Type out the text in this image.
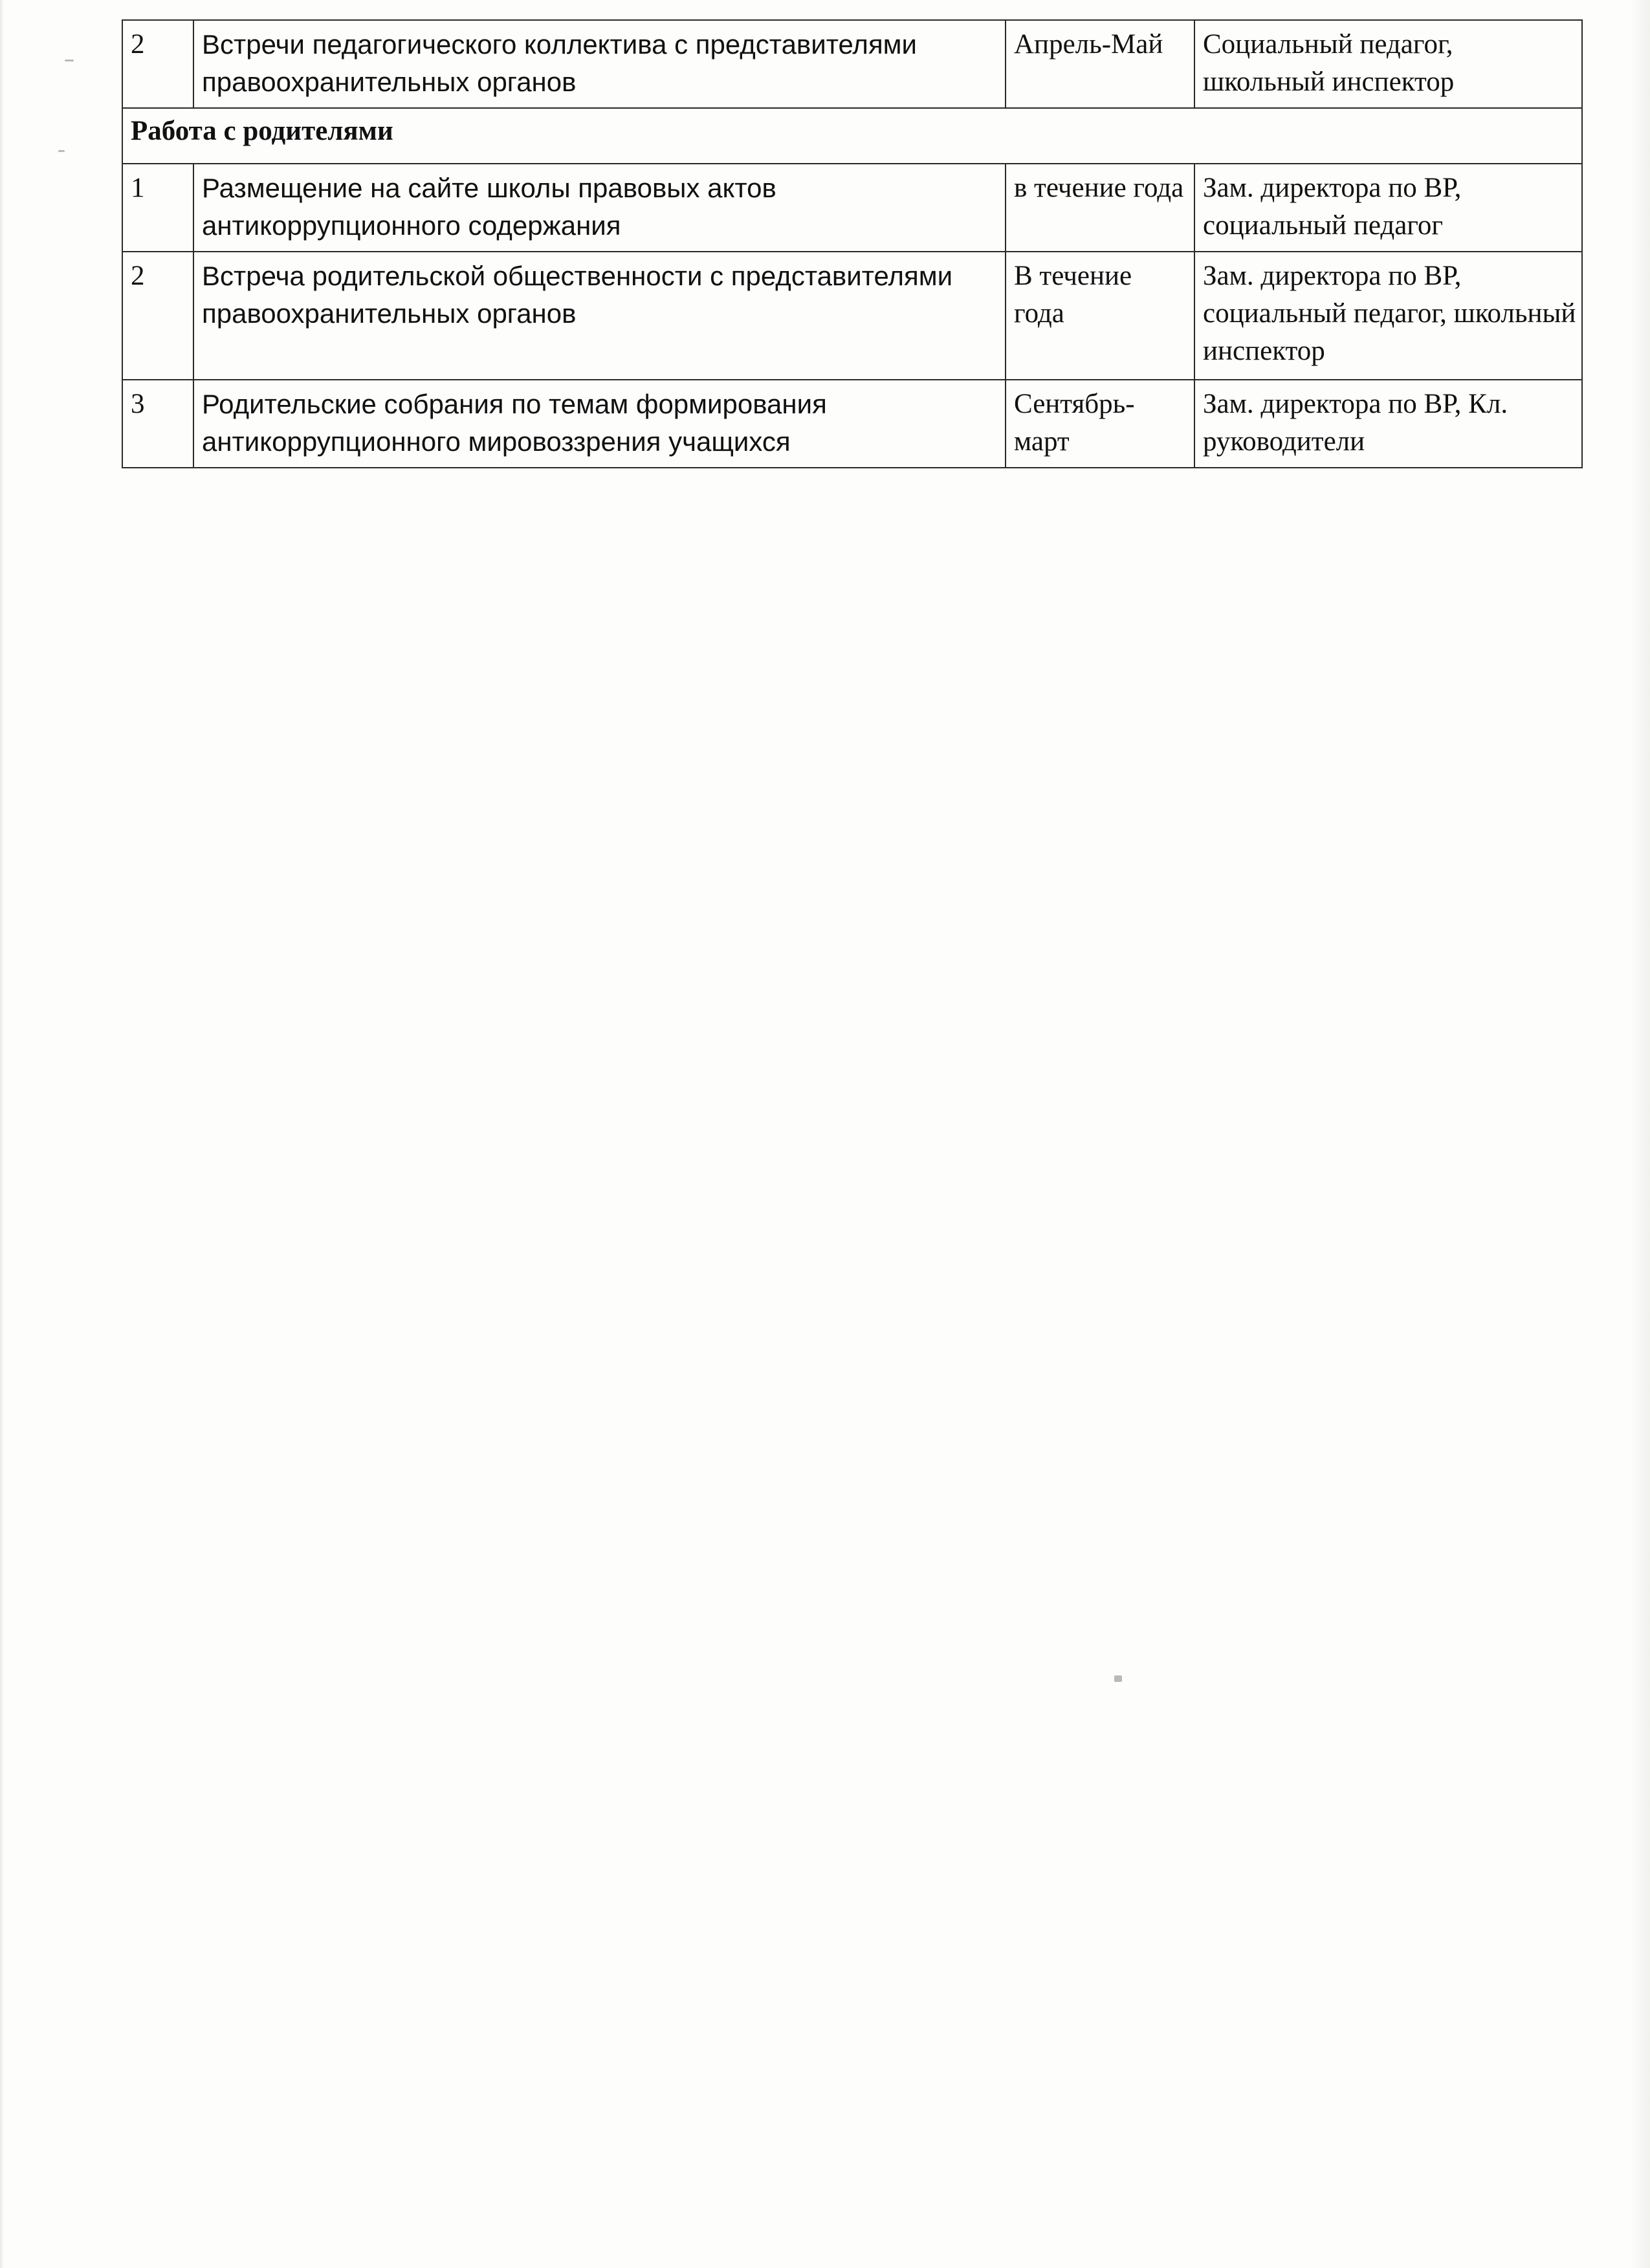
2	Встречи педагогического коллектива с представителями правоохранительных органов	Апрель-Май	Социальный педагог, школьный инспектор
Работа с родителями			
1	Размещение на сайте школы правовых актов антикоррупционного содержания	в течение года	Зам. директора по ВР, социальный педагог
2	Встреча родительской общественности с представителями правоохранительных органов	В течение года	Зам. директора по ВР, социальный педагог, школьный инспектор
3	Родительские собрания по темам формирования антикоррупционного мировоззрения учащихся	Сентябрь-март	Зам. директора по ВР, Кл. руководители
